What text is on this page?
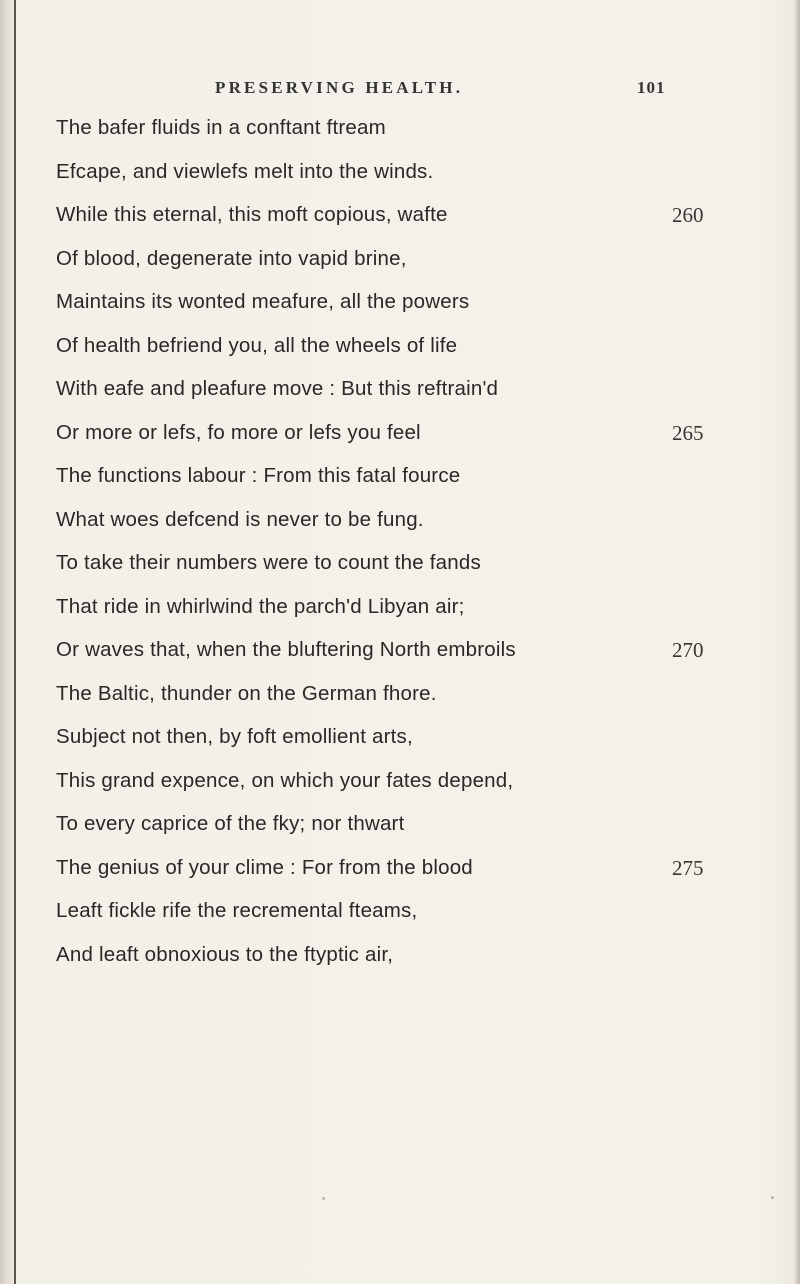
PRESERVING HEALTH.	101
The bafer fluids in a conftant ftream
Efcape, and viewlefs melt into the winds.
While this eternal, this moft copious, wafte	260
Of blood, degenerate into vapid brine,
Maintains its wonted meafure, all the powers
Of health befriend you, all the wheels of life
With eafe and pleafure move : But this reftrain'd
Or more or lefs, fo more or lefs you feel	265
The functions labour : From this fatal fource
What woes defcend is never to be fung.
To take their numbers were to count the fands
That ride in whirlwind the parch'd Libyan air;
Or waves that, when the bluftering North embroils	270
The Baltic, thunder on the German fhore.
Subject not then, by foft emollient arts,
This grand expence, on which your fates depend,
To every caprice of the fky; nor thwart
The genius of your clime : For from the blood	275
Leaft fickle rife the recremental fteams,
And leaft obnoxious to the ftyptic air,
